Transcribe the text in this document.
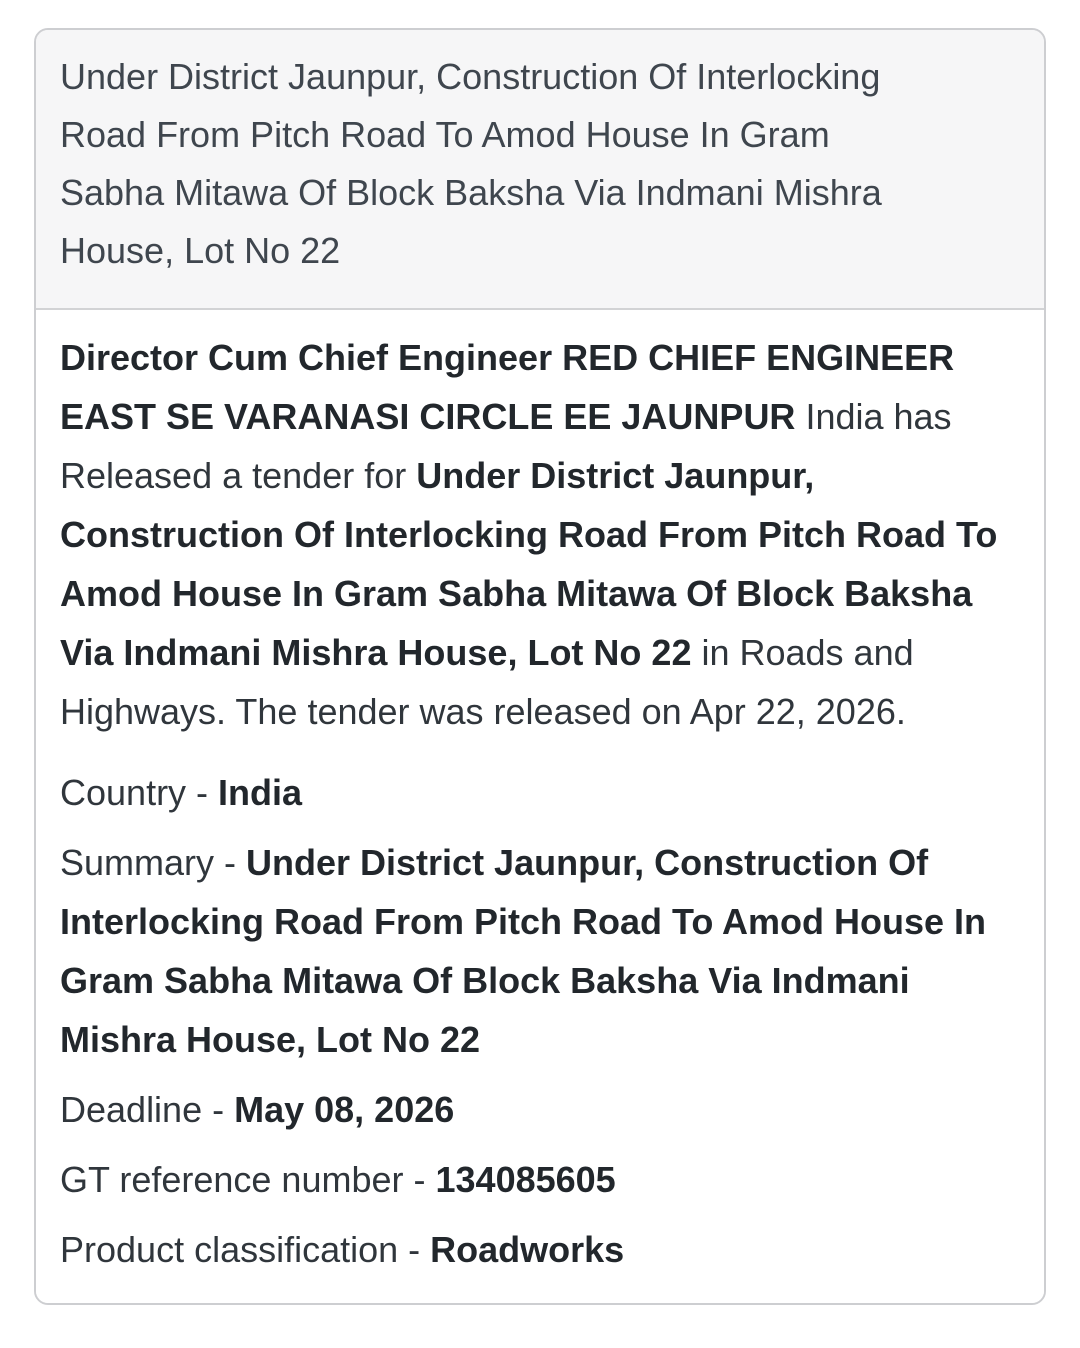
Under District Jaunpur, Construction Of Interlocking Road From Pitch Road To Amod House In Gram Sabha Mitawa Of Block Baksha Via Indmani Mishra House, Lot No 22

Director Cum Chief Engineer RED CHIEF ENGINEER EAST SE VARANASI CIRCLE EE JAUNPUR India has Released a tender for Under District Jaunpur, Construction Of Interlocking Road From Pitch Road To Amod House In Gram Sabha Mitawa Of Block Baksha Via Indmani Mishra House, Lot No 22 in Roads and Highways. The tender was released on Apr 22, 2026.

Country - India

Summary - Under District Jaunpur, Construction Of Interlocking Road From Pitch Road To Amod House In Gram Sabha Mitawa Of Block Baksha Via Indmani Mishra House, Lot No 22

Deadline - May 08, 2026

GT reference number - 134085605

Product classification - Roadworks
